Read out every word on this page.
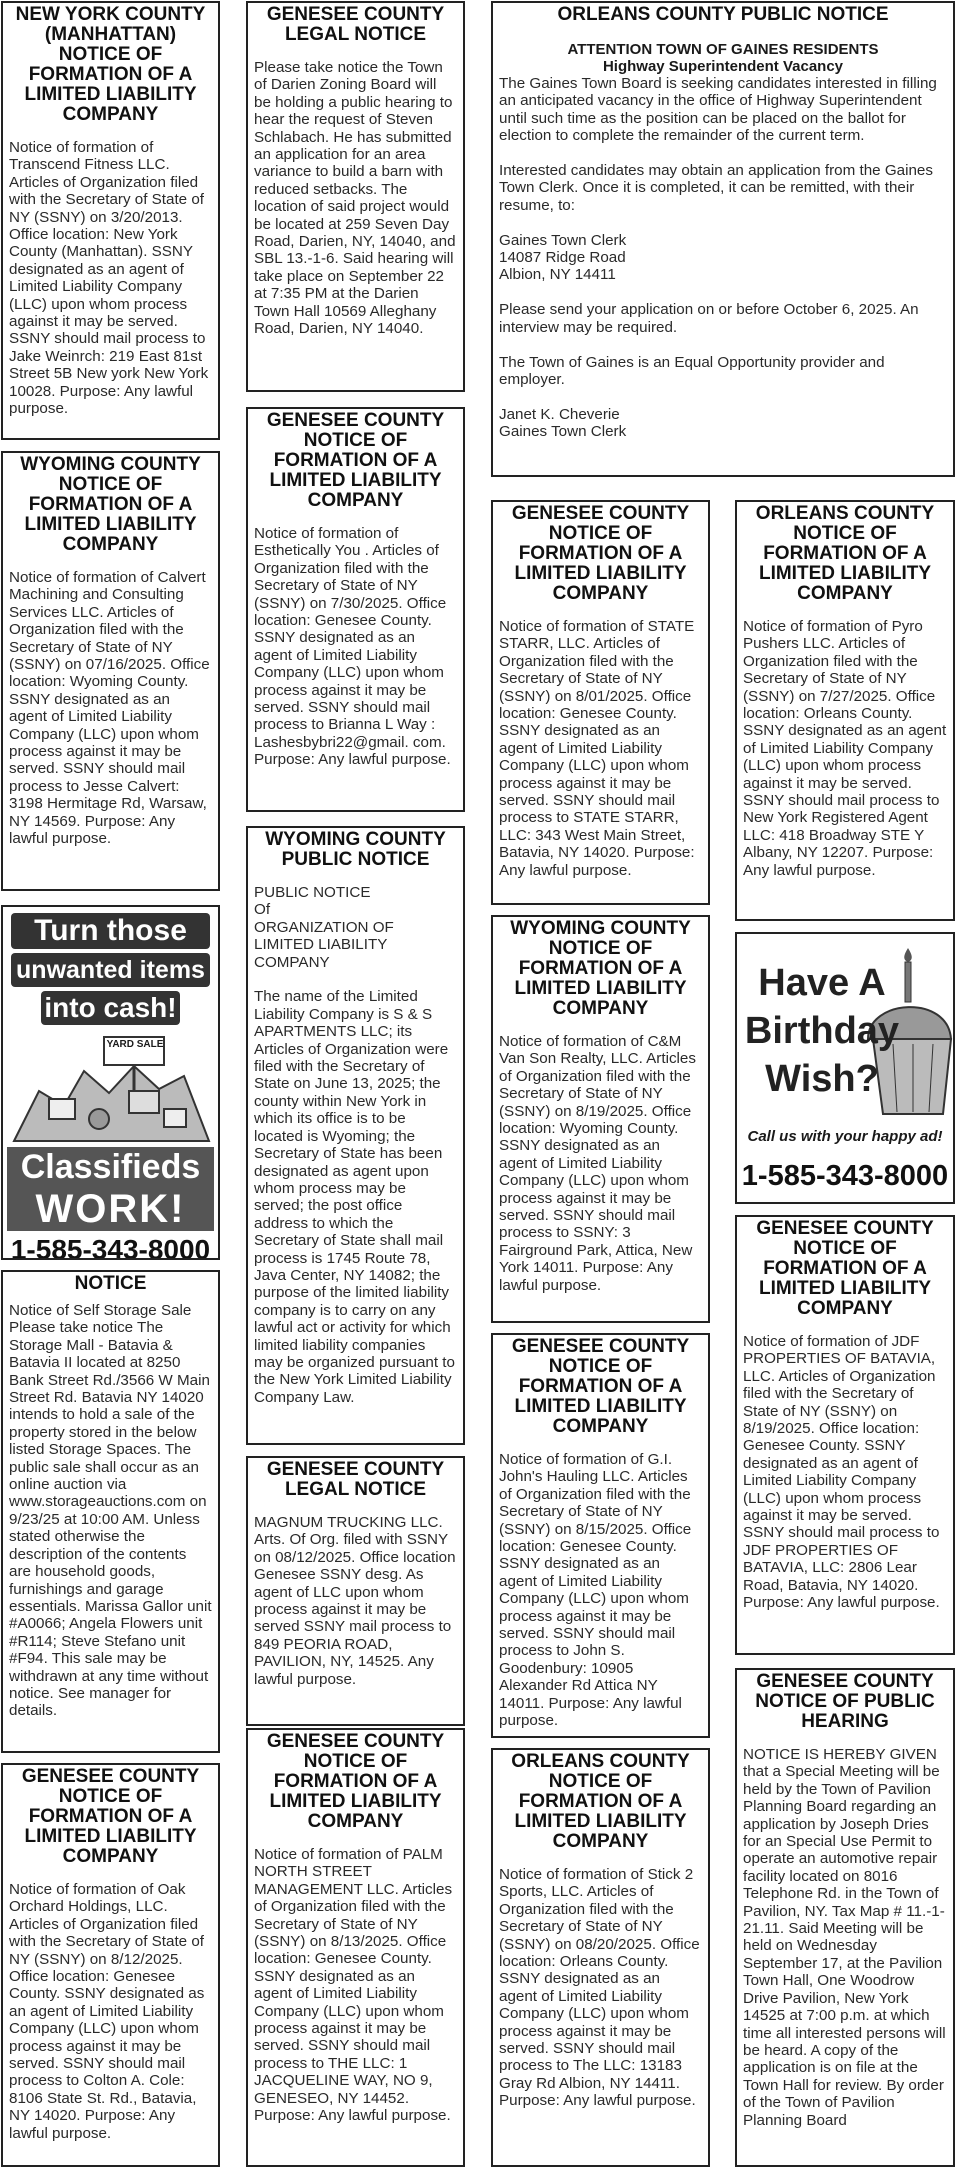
NEW YORK COUNTY (MANHATTAN) NOTICE OF FORMATION OF A LIMITED LIABILITY COMPANY
Notice of formation of Transcend Fitness LLC. Articles of Organization filed with the Secretary of State of NY (SSNY) on 3/20/2013. Office location: New York County (Manhattan). SSNY designated as an agent of Limited Liability Company (LLC) upon whom process against it may be served. SSNY should mail process to Jake Weinrch: 219 East 81st Street 5B New york New York 10028. Purpose: Any lawful purpose.
WYOMING COUNTY NOTICE OF FORMATION OF A LIMITED LIABILITY COMPANY
Notice of formation of Calvert Machining and Consulting Services LLC. Articles of Organization filed with the Secretary of State of NY (SSNY) on 07/16/2025. Office location: Wyoming County. SSNY designated as an agent of Limited Liability Company (LLC) upon whom process against it may be served. SSNY should mail process to Jesse Calvert: 3198 Hermitage Rd, Warsaw, NY 14569. Purpose: Any lawful purpose.
Turn those
unwanted items
into cash!
YARD SALE
Classifieds
WORK!
1-585-343-8000
NOTICE
Notice of Self Storage Sale Please take notice The Storage Mall - Batavia & Batavia II located at 8250 Bank Street Rd./3566 W Main Street Rd. Batavia NY 14020 intends to hold a sale of the property stored in the below listed Storage Spaces. The public sale shall occur as an online auction via www.storageauctions.com on 9/23/25 at 10:00 AM. Unless stated otherwise the description of the contents are household goods, furnishings and garage essentials. Marissa Gallor unit #A0066; Angela Flowers unit #R114; Steve Stefano unit #F94. This sale may be withdrawn at any time without notice. See manager for details.
GENESEE COUNTY NOTICE OF FORMATION OF A LIMITED LIABILITY COMPANY
Notice of formation of Oak Orchard Holdings, LLC. Articles of Organization filed with the Secretary of State of NY (SSNY) on 8/12/2025. Office location: Genesee County. SSNY designated as an agent of Limited Liability Company (LLC) upon whom process against it may be served. SSNY should mail process to Colton A. Cole: 8106 State St. Rd., Batavia, NY 14020. Purpose: Any lawful purpose.
GENESEE COUNTY LEGAL NOTICE
Please take notice the Town of Darien Zoning Board will be holding a public hearing to hear the request of Steven Schlabach. He has submitted an application for an area variance to build a barn with reduced setbacks. The location of said project would be located at 259 Seven Day Road, Darien, NY, 14040, and SBL 13.-1-6. Said hearing will take place on September 22 at 7:35 PM at the Darien Town Hall 10569 Alleghany Road, Darien, NY 14040.
GENESEE COUNTY NOTICE OF FORMATION OF A LIMITED LIABILITY COMPANY
Notice of formation of Esthetically You . Articles of Organization filed with the Secretary of State of NY (SSNY) on 7/30/2025. Office location: Genesee County. SSNY designated as an agent of Limited Liability Company (LLC) upon whom process against it may be served. SSNY should mail process to Brianna L Way : Lashesbybri22@gmail. com. Purpose: Any lawful purpose.
WYOMING COUNTY PUBLIC NOTICE
PUBLIC NOTICE
Of
ORGANIZATION OF LIMITED LIABILITY COMPANY

The name of the Limited Liability Company is S & S APARTMENTS LLC; its Articles of Organization were filed with the Secretary of State on June 13, 2025; the county within New York in which its office is to be located is Wyoming; the Secretary of State has been designated as agent upon whom process may be served; the post office address to which the Secretary of State shall mail process is 1745 Route 78, Java Center, NY 14082; the purpose of the limited liability company is to carry on any lawful act or activity for which limited liability companies may be organized pursuant to the New York Limited Liability Company Law.
GENESEE COUNTY LEGAL NOTICE
MAGNUM TRUCKING LLC. Arts. Of Org. filed with SSNY on 08/12/2025. Office location Genesee SSNY desg. As agent of LLC upon whom process against it may be served SSNY mail process to 849 PEORIA ROAD, PAVILION, NY, 14525. Any lawful purpose.
GENESEE COUNTY NOTICE OF FORMATION OF A LIMITED LIABILITY COMPANY
Notice of formation of PALM NORTH STREET MANAGEMENT LLC. Articles of Organization filed with the Secretary of State of NY (SSNY) on 8/13/2025. Office location: Genesee County. SSNY designated as an agent of Limited Liability Company (LLC) upon whom process against it may be served. SSNY should mail process to THE LLC: 1 JACQUELINE WAY, NO 9, GENESEO, NY 14452. Purpose: Any lawful purpose.
ORLEANS COUNTY PUBLIC NOTICE
ATTENTION TOWN OF GAINES RESIDENTS
Highway Superintendent Vacancy
The Gaines Town Board is seeking candidates interested in filling an anticipated vacancy in the office of Highway Superintendent until such time as the position can be placed on the ballot for election to complete the remainder of the current term.

Interested candidates may obtain an application from the Gaines Town Clerk. Once it is completed, it can be remitted, with their resume, to:

Gaines Town Clerk
14087 Ridge Road
Albion, NY 14411

Please send your application on or before October 6, 2025. An interview may be required.

The Town of Gaines is an Equal Opportunity provider and employer.

Janet K. Cheverie
Gaines Town Clerk
GENESEE COUNTY NOTICE OF FORMATION OF A LIMITED LIABILITY COMPANY
Notice of formation of STATE STARR, LLC. Articles of Organization filed with the Secretary of State of NY (SSNY) on 8/01/2025. Office location: Genesee County. SSNY designated as an agent of Limited Liability Company (LLC) upon whom process against it may be served. SSNY should mail process to STATE STARR, LLC: 343 West Main Street, Batavia, NY 14020. Purpose: Any lawful purpose.
WYOMING COUNTY NOTICE OF FORMATION OF A LIMITED LIABILITY COMPANY
Notice of formation of C&M Van Son Realty, LLC. Articles of Organization filed with the Secretary of State of NY (SSNY) on 8/19/2025. Office location: Wyoming County. SSNY designated as an agent of Limited Liability Company (LLC) upon whom process against it may be served. SSNY should mail process to SSNY: 3 Fairground Park, Attica, New York 14011. Purpose: Any lawful purpose.
GENESEE COUNTY NOTICE OF FORMATION OF A LIMITED LIABILITY COMPANY
Notice of formation of G.I. John's Hauling LLC. Articles of Organization filed with the Secretary of State of NY (SSNY) on 8/15/2025. Office location: Genesee County. SSNY designated as an agent of Limited Liability Company (LLC) upon whom process against it may be served. SSNY should mail process to John S. Goodenbury: 10905 Alexander Rd Attica NY 14011. Purpose: Any lawful purpose.
ORLEANS COUNTY NOTICE OF FORMATION OF A LIMITED LIABILITY COMPANY
Notice of formation of Stick 2 Sports, LLC. Articles of Organization filed with the Secretary of State of NY (SSNY) on 08/20/2025. Office location: Orleans County. SSNY designated as an agent of Limited Liability Company (LLC) upon whom process against it may be served. SSNY should mail process to The LLC: 13183 Gray Rd Albion, NY 14411. Purpose: Any lawful purpose.
ORLEANS COUNTY NOTICE OF FORMATION OF A LIMITED LIABILITY COMPANY
Notice of formation of Pyro Pushers LLC. Articles of Organization filed with the Secretary of State of NY (SSNY) on 7/27/2025. Office location: Orleans County. SSNY designated as an agent of Limited Liability Company (LLC) upon whom process against it may be served. SSNY should mail process to New York Registered Agent LLC: 418 Broadway STE Y Albany, NY 12207. Purpose: Any lawful purpose.
Have A
Birthday
Wish?
Call us with your happy ad!
1-585-343-8000
GENESEE COUNTY NOTICE OF FORMATION OF A LIMITED LIABILITY COMPANY
Notice of formation of JDF PROPERTIES OF BATAVIA, LLC. Articles of Organization filed with the Secretary of State of NY (SSNY) on 8/19/2025. Office location: Genesee County. SSNY designated as an agent of Limited Liability Company (LLC) upon whom process against it may be served. SSNY should mail process to JDF PROPERTIES OF BATAVIA, LLC: 2806 Lear Road, Batavia, NY 14020. Purpose: Any lawful purpose.
GENESEE COUNTY NOTICE OF PUBLIC HEARING
NOTICE IS HEREBY GIVEN that a Special Meeting will be held by the Town of Pavilion Planning Board regarding an application by Joseph Dries for an Special Use Permit to operate an automotive repair facility located on 8016 Telephone Rd. in the Town of Pavilion, NY. Tax Map # 11.-1-21.11. Said Meeting will be held on Wednesday September 17, at the Pavilion Town Hall, One Woodrow Drive Pavilion, New York 14525 at 7:00 p.m. at which time all interested persons will be heard. A copy of the application is on file at the Town Hall for review. By order of the Town of Pavilion Planning Board
